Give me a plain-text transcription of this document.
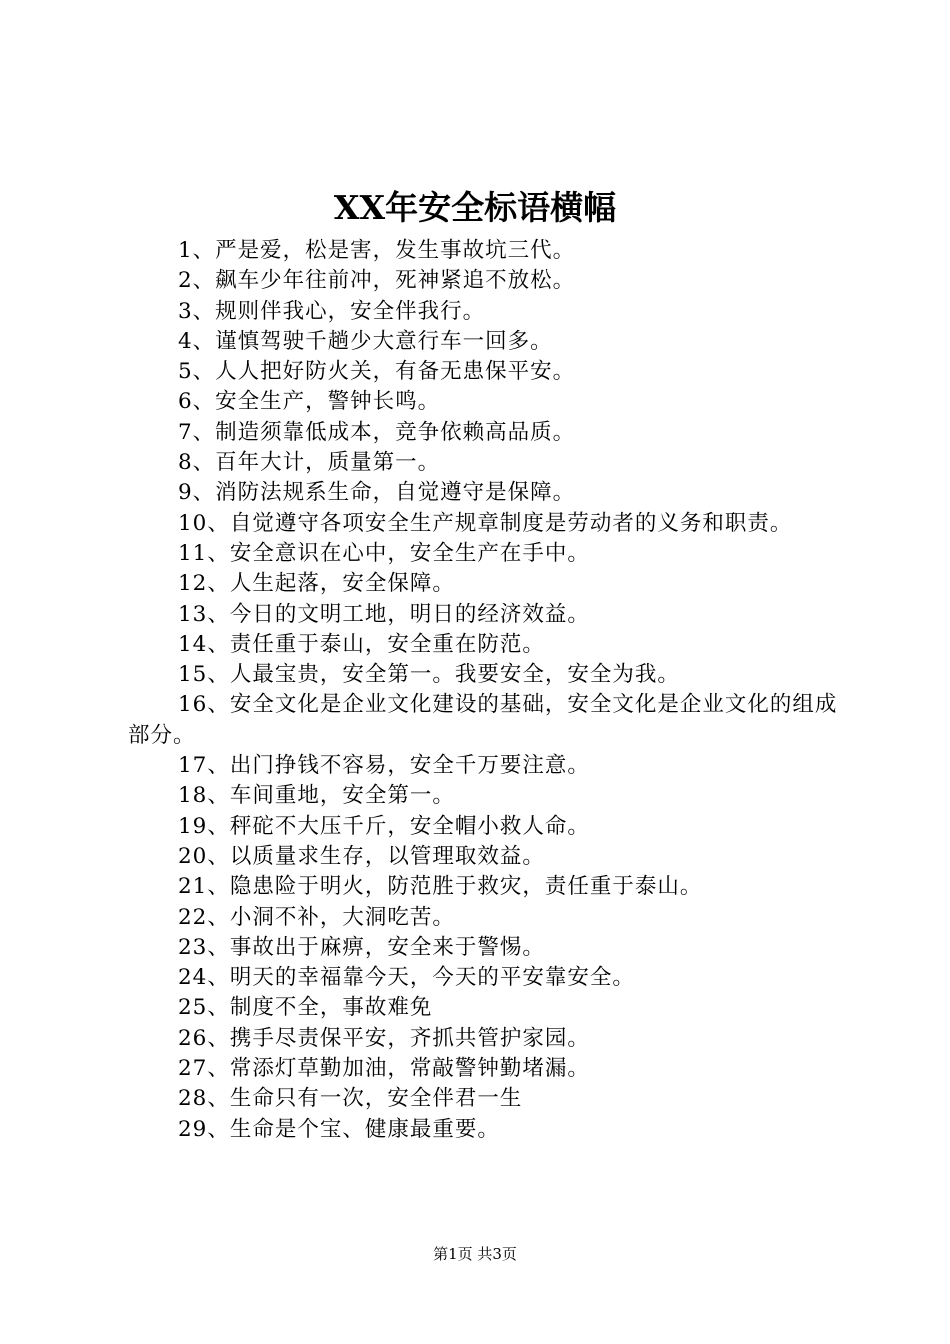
XX年安全标语横幅

1、严是爱，松是害，发生事故坑三代。

2、飙车少年往前冲，死神紧追不放松。

3、规则伴我心，安全伴我行。

4、谨慎驾驶千趟少大意行车一回多。

5、人人把好防火关，有备无患保平安。

6、安全生产，警钟长鸣。

7、制造须靠低成本，竞争依赖高品质。

8、百年大计，质量第一。

9、消防法规系生命，自觉遵守是保障。

10、自觉遵守各项安全生产规章制度是劳动者的义务和职责。

11、安全意识在心中，安全生产在手中。

12、人生起落，安全保障。

13、今日的文明工地，明日的经济效益。

14、责任重于泰山，安全重在防范。

15、人最宝贵，安全第一。我要安全，安全为我。

16、安全文化是企业文化建设的基础，安全文化是企业文化的组成部分。

17、出门挣钱不容易，安全千万要注意。

18、车间重地，安全第一。

19、秤砣不大压千斤，安全帽小救人命。

20、以质量求生存，以管理取效益。

21、隐患险于明火，防范胜于救灾，责任重于泰山。

22、小洞不补，大洞吃苦。

23、事故出于麻痹，安全来于警惕。

24、明天的幸福靠今天，今天的平安靠安全。

25、制度不全，事故难免

26、携手尽责保平安，齐抓共管护家园。

27、常添灯草勤加油，常敲警钟勤堵漏。

28、生命只有一次，安全伴君一生

29、生命是个宝、健康最重要。

第1页 共3页
